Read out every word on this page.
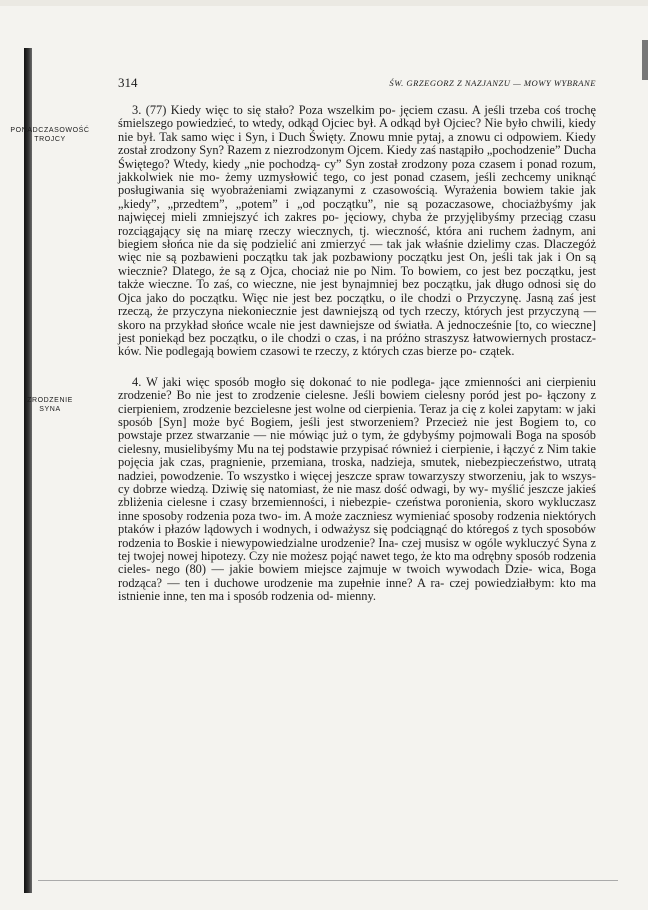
314	ŚW. GRZEGORZ Z NAZJANZU — MOWY WYBRANE
PONADCZASOWOŚĆ
TROJCY

3. (77) Kiedy więc to się stało? Poza wszelkim po- jęciem czasu. A jeśli trzeba coś trochę śmielszego powiedzieć, to wtedy, odkąd Ojciec był. A odkąd był Ojciec? Nie było chwili, kiedy nie był. Tak samo więc i Syn, i Duch Święty. Znowu mnie pytaj, a znowu ci odpowiem. Kiedy został zrodzony Syn? Razem z niezrodzonym Ojcem. Kiedy zaś nastąpiło „pochodzenie” Ducha Świętego? Wtedy, kiedy „nie pochodzą- cy” Syn został zrodzony poza czasem i ponad rozum, jakkolwiek nie mo- żemy uzmysłowić tego, co jest ponad czasem, jeśli zechcemy uniknąć posługiwania się wyobrażeniami związanymi z czasowością. Wyrażenia bowiem takie jak „kiedy”, „przedtem”, „potem” i „od początku”, nie są pozaczasowe, chociażbyśmy jak najwięcej mieli zmniejszyć ich zakres po- jęciowy, chyba że przyjęlibyśmy przeciąg czasu rozciągający się na miarę rzeczy wiecznych, tj. wieczność, która ani ruchem żadnym, ani biegiem słońca nie da się podzielić ani zmierzyć — tak jak właśnie dzielimy czas. Dlaczegóż więc nie są pozbawieni początku tak jak pozbawiony początku jest On, jeśli tak jak i On są wiecznie? Dlatego, że są z Ojca, chociaż nie po Nim. To bowiem, co jest bez początku, jest także wieczne. To zaś, co wieczne, nie jest bynajmniej bez początku, jak długo odnosi się do Ojca jako do początku. Więc nie jest bez początku, o ile chodzi o Przyczynę. Jasną zaś jest rzeczą, że przyczyna niekoniecznie jest dawniejszą od tych rzeczy, których jest przyczyną — skoro na przykład słońce wcale nie jest dawniejsze od światła. A jednocześnie [to, co wieczne] jest poniekąd bez początku, o ile chodzi o czas, i na próżno straszysz łatwowiernych prostacz- ków. Nie podlegają bowiem czasowi te rzeczy, z których czas bierze po- czątek.

ZRODZENIE
SYNA

4. W jaki więc sposób mogło się dokonać to nie podlega- jące zmienności ani cierpieniu zrodzenie? Bo nie jest to zrodzenie cielesne. Jeśli bowiem cielesny poród jest po- łączony z cierpieniem, zrodzenie bezcielesne jest wolne od cierpienia. Teraz ja cię z kolei zapytam: w jaki sposób [Syn] może być Bogiem, jeśli jest stworzeniem? Przecież nie jest Bogiem to, co powstaje przez stwarzanie — nie mówiąc już o tym, że gdybyśmy pojmowali Boga na sposób cielesny, musielibyśmy Mu na tej podstawie przypisać również i cierpienie, i łączyć z Nim takie pojęcia jak czas, pragnienie, przemiana, troska, nadzieja, smutek, niebezpieczeństwo, utratą nadziei, powodzenie. To wszystko i więcej jeszcze spraw towarzyszy stworzeniu, jak to wszys- cy dobrze wiedzą. Dziwię się natomiast, że nie masz dość odwagi, by wy- myślić jeszcze jakieś zbliżenia cielesne i czasy brzemienności, i niebezpie- czeństwa poronienia, skoro wykluczasz inne sposoby rodzenia poza two- im. A może zaczniesz wymieniać sposoby rodzenia niektórych ptaków i płazów lądowych i wodnych, i odważysz się podciągnąć do któregoś z tych sposobów rodzenia to Boskie i niewypowiedzialne urodzenie? Ina- czej musisz w ogóle wykluczyć Syna z tej twojej nowej hipotezy. Czy nie możesz pojąć nawet tego, że kto ma odrębny sposób rodzenia cieles- nego (80) — jakie bowiem miejsce zajmuje w twoich wywodach Dzie- wica, Boga rodząca? — ten i duchowe urodzenie ma zupełnie inne? A ra- czej powiedziałbym: kto ma istnienie inne, ten ma i sposób rodzenia od- mienny.
